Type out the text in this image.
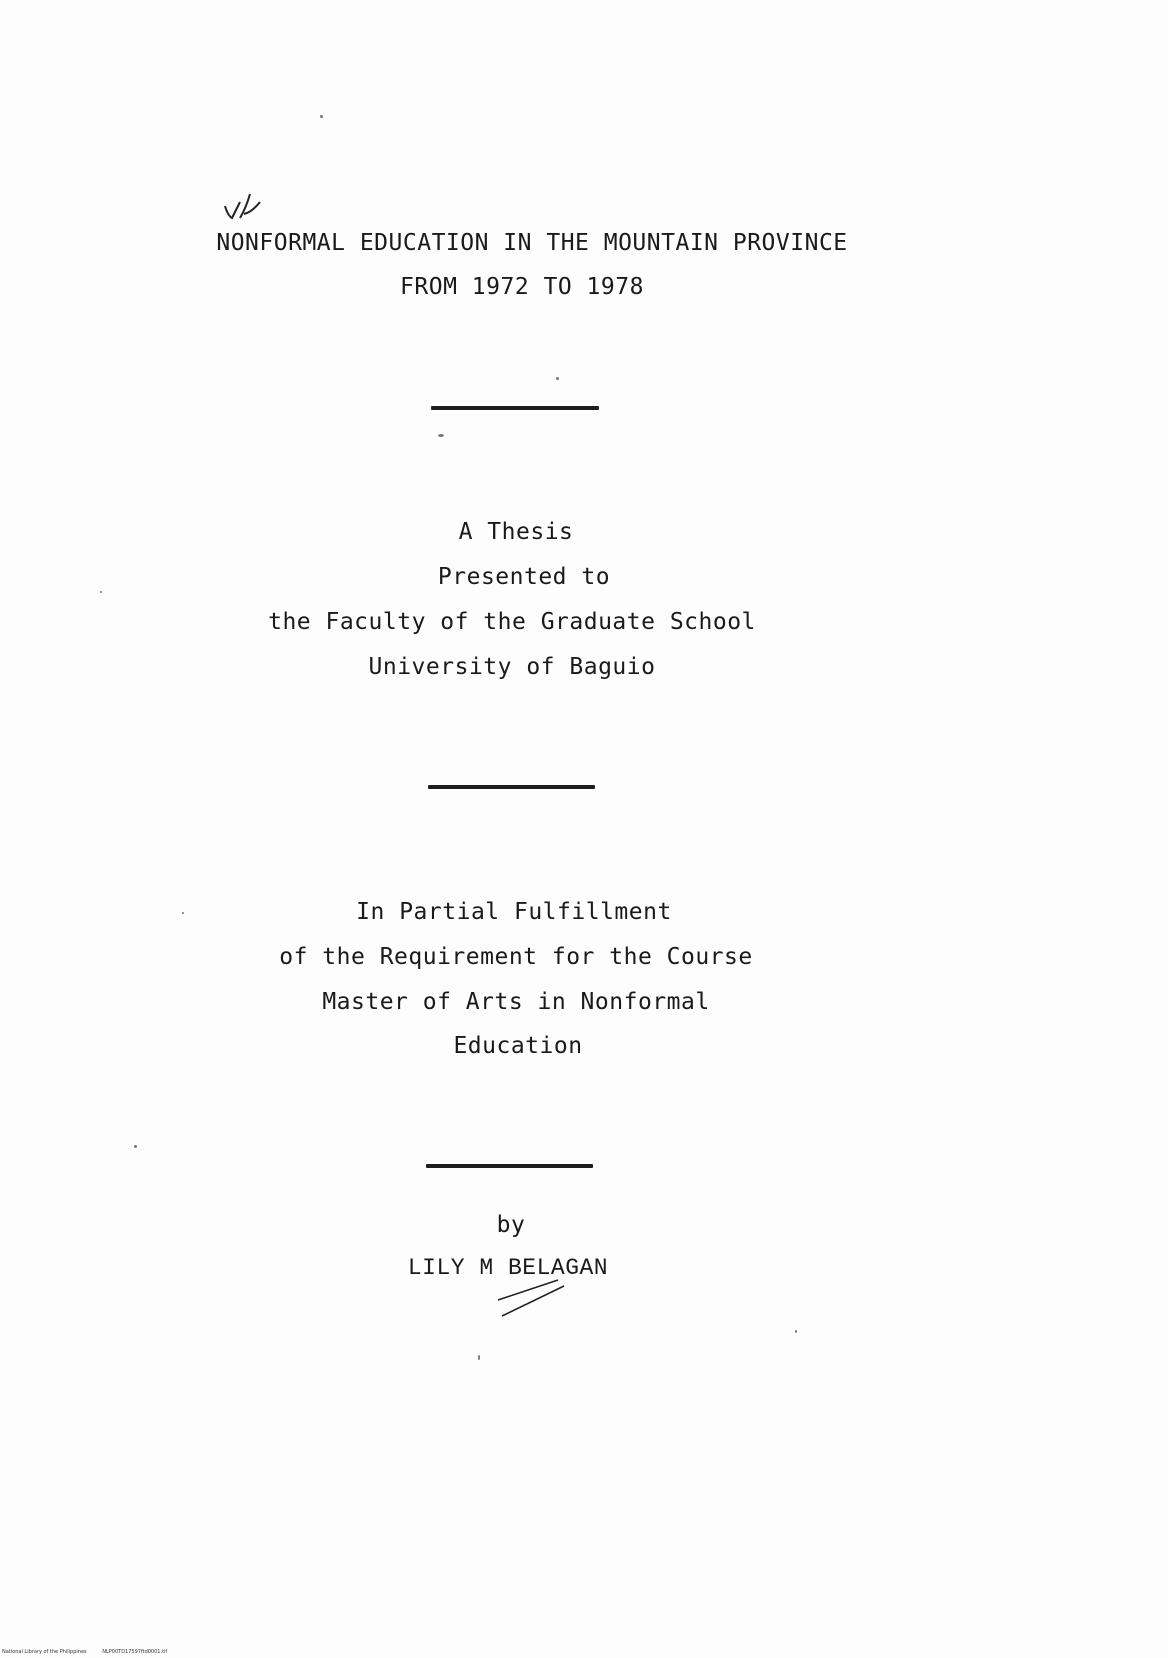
NONFORMAL EDUCATION IN THE MOUNTAIN PROVINCE
FROM 1972 TO 1978
A Thesis
Presented to
the Faculty of the Graduate School
University of Baguio
In Partial Fulfillment
of the Requirement for the Course
Master of Arts in Nonformal
Education
by
LILY M BELAGAN
National Library of the Philippines	NLP00TD17597ftd0001.tif
